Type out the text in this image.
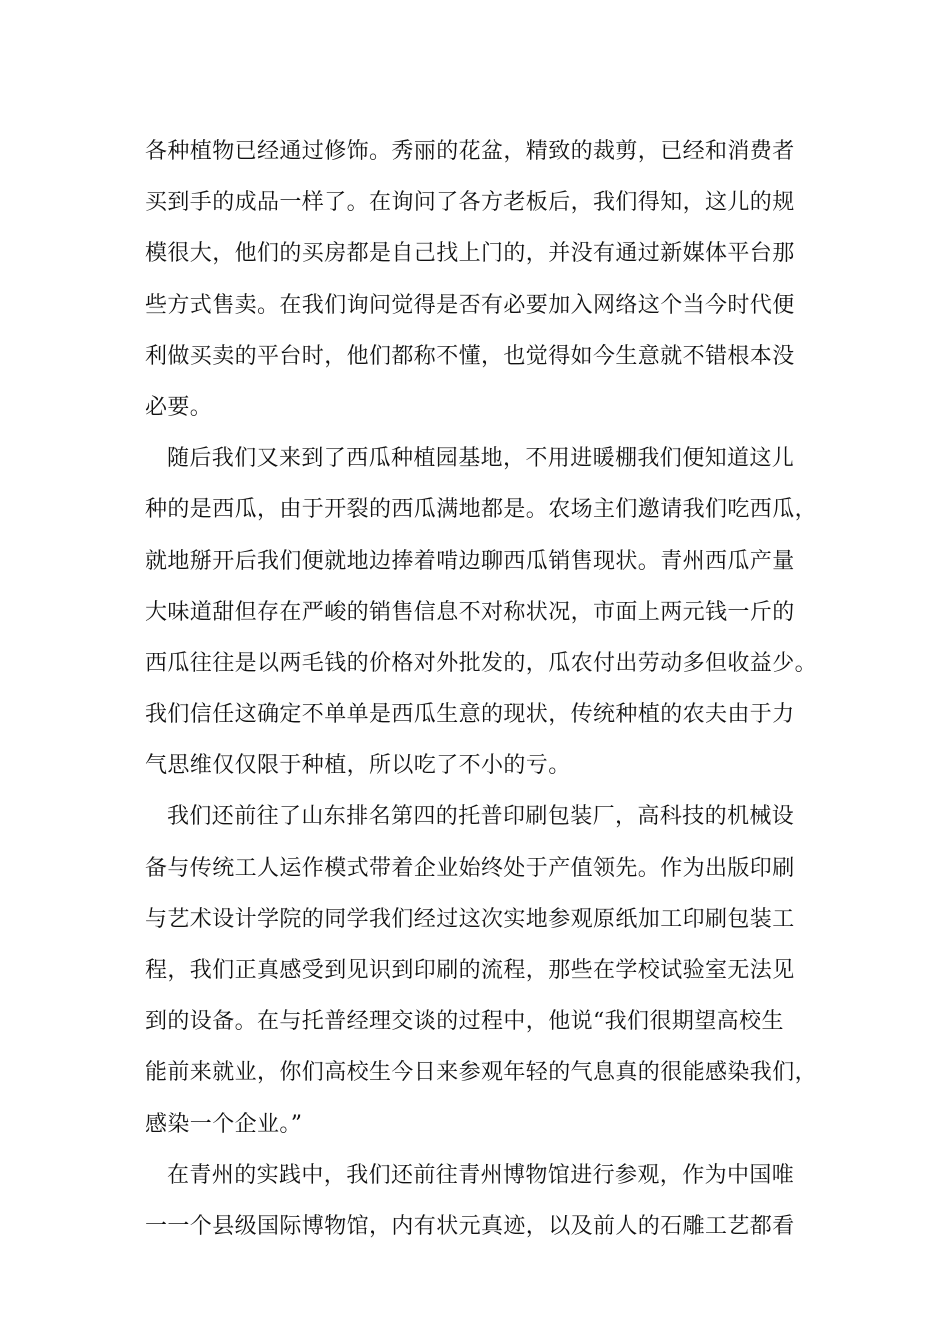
各种植物已经通过修饰。秀丽的花盆，精致的裁剪，已经和消费者
买到手的成品一样了。在询问了各方老板后，我们得知，这儿的规
模很大，他们的买房都是自己找上门的，并没有通过新媒体平台那
些方式售卖。在我们询问觉得是否有必要加入网络这个当今时代便
利做买卖的平台时，他们都称不懂，也觉得如今生意就不错根本没
必要。
随后我们又来到了西瓜种植园基地，不用进暖棚我们便知道这儿
种的是西瓜，由于开裂的西瓜满地都是。农场主们邀请我们吃西瓜，
就地掰开后我们便就地边捧着啃边聊西瓜销售现状。青州西瓜产量
大味道甜但存在严峻的销售信息不对称状况，市面上两元钱一斤的
西瓜往往是以两毛钱的价格对外批发的，瓜农付出劳动多但收益少。
我们信任这确定不单单是西瓜生意的现状，传统种植的农夫由于力
气思维仅仅限于种植，所以吃了不小的亏。
我们还前往了山东排名第四的托普印刷包装厂，高科技的机械设
备与传统工人运作模式带着企业始终处于产值领先。作为出版印刷
与艺术设计学院的同学我们经过这次实地参观原纸加工印刷包装工
程，我们正真感受到见识到印刷的流程，那些在学校试验室无法见
到的设备。在与托普经理交谈的过程中，他说“我们很期望高校生
能前来就业，你们高校生今日来参观年轻的气息真的很能感染我们，
感染一个企业。”
在青州的实践中，我们还前往青州博物馆进行参观，作为中国唯
一一个县级国际博物馆，内有状元真迹，以及前人的石雕工艺都看
